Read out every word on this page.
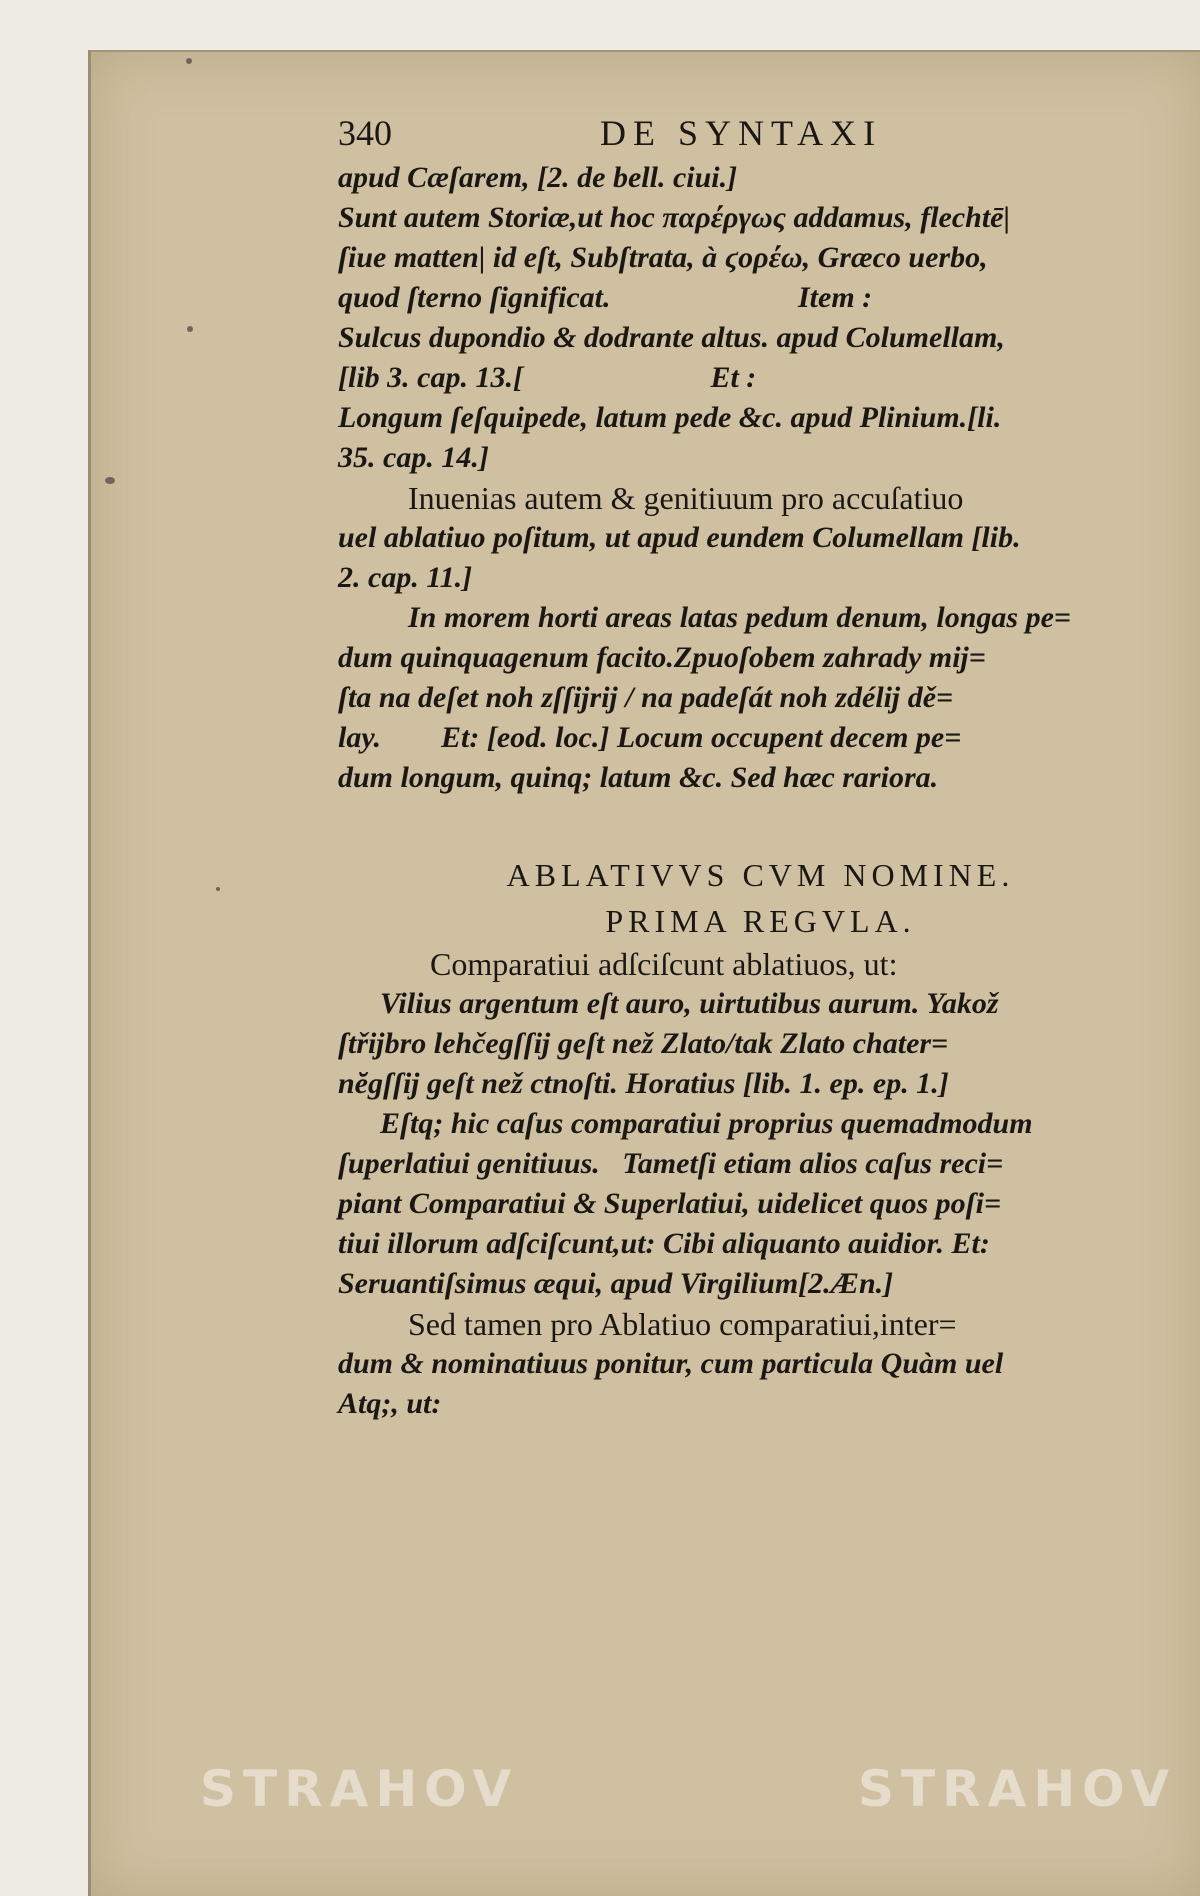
340	DE SYNTAXI
apud Cæſarem, [2. de bell. ciui.]
Sunt autem Storiæ,ut hoc παρέργως addamus, flechtē|
ſiue matten| id eſt, Subſtrata, à ϛορέω, Græco uerbo,
quod ſterno ſignificat.                         Item :
Sulcus dupondio & dodrante altus. apud Columellam,
[lib 3. cap. 13.[                         Et :
Longum ſeſquipede, latum pede &c. apud Plinium.[li.
35. cap. 14.]
Inuenias autem & genitiuum pro accuſatiuo
uel ablatiuo poſitum, ut apud eundem Columellam [lib.
2. cap. 11.]
In morem horti areas latas pedum denum, longas pe=
dum quinquagenum facito.Zpuoſobem zahrady mĳ=
ſta na deſet noh zſſĳrĳ / na padeſát noh zdélĳ dě=
lay.        Et: [eod. loc.] Locum occupent decem pe=
dum longum, quinq; latum &c. Sed hæc rariora.
ABLATIVVS CVM NOMINE.
PRIMA REGVLA.
Comparatiui adſciſcunt ablatiuos, ut:
Vilius argentum eſt auro, uirtutibus aurum. Yakož
ſtřĳbro lehčegſſĳ geſt než Zlato/tak Zlato chater=
nĕgſſĳ geſt než ctnoſti. Horatius [lib. 1. ep. ep. 1.]
Eſtq; hic caſus comparatiui proprius quemadmodum
ſuperlatiui genitiuus.   Tametſi etiam alios caſus reci=
piant Comparatiui & Superlatiui, uidelicet quos poſi=
tiui illorum adſciſcunt,ut: Cibi aliquanto auidior. Et:
Seruantiſsimus æqui, apud Virgilium[2.Æn.]
Sed tamen pro Ablatiuo comparatiui,inter=
dum & nominatiuus ponitur, cum particula Quàm uel
Atq;, ut:
STRAHOV	STRAHOV
